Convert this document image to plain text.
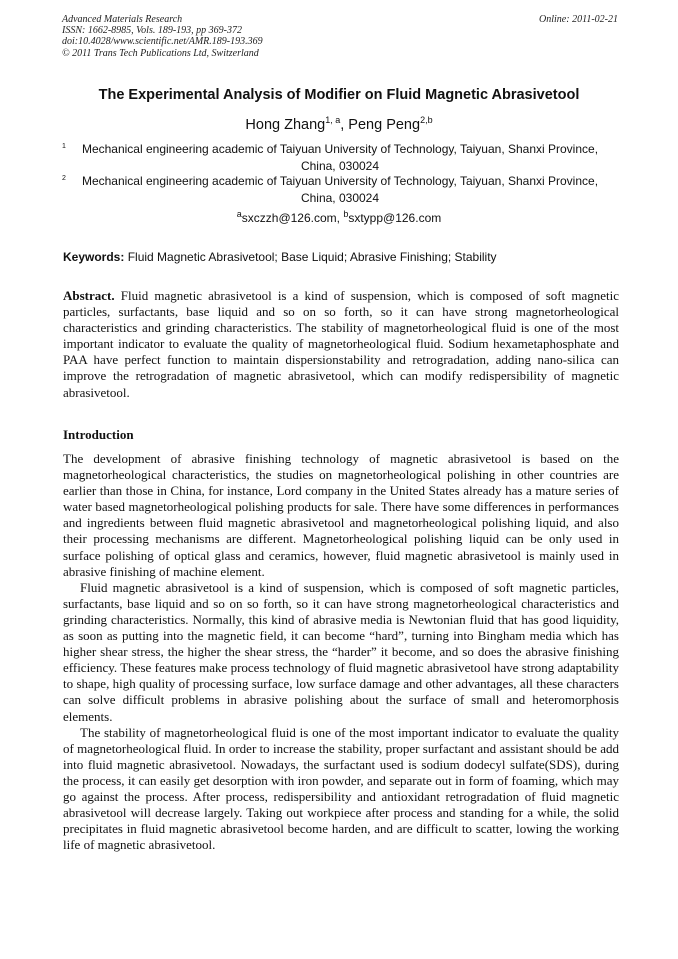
Advanced Materials Research
ISSN: 1662-8985, Vols. 189-193, pp 369-372
doi:10.4028/www.scientific.net/AMR.189-193.369
© 2011 Trans Tech Publications Ltd, Switzerland
Online: 2011-02-21
The Experimental Analysis of Modifier on Fluid Magnetic Abrasivetool
Hong Zhang$^{1, a}$, Peng Peng$^{2,b}$
1	Mechanical engineering academic of Taiyuan University of Technology, Taiyuan, Shanxi Province,
China, 030024
2	Mechanical engineering academic of Taiyuan University of Technology, Taiyuan, Shanxi Province,
China, 030024
$^a$sxczzh@126.com, $^b$sxtypp@126.com
Keywords: Fluid Magnetic Abrasivetool; Base Liquid; Abrasive Finishing; Stability
Abstract. Fluid magnetic abrasivetool is a kind of suspension, which is composed of soft magnetic particles, surfactants, base liquid and so on so forth, so it can have strong magnetorheological characteristics and grinding characteristics. The stability of magnetorheological fluid is one of the most important indicator to evaluate the quality of magnetorheological fluid. Sodium hexametaphosphate and PAA have perfect function to maintain dispersionstability and retrogradation, adding nano-silica can improve the retrogradation of magnetic abrasivetool, which can modify redispersibility of magnetic abrasivetool.
Introduction

The development of abrasive finishing technology of magnetic abrasivetool is based on the magnetorheological characteristics, the studies on magnetorheological polishing in other countries are earlier than those in China, for instance, Lord company in the United States already has a mature series of water based magnetorheological polishing products for sale. There have some differences in performances and ingredients between fluid magnetic abrasivetool and magnetorheological polishing liquid, and also their processing mechanisms are different. Magnetorheological polishing liquid can be only used in surface polishing of optical glass and ceramics, however, fluid magnetic abrasivetool is mainly used in abrasive finishing of machine element.

Fluid magnetic abrasivetool is a kind of suspension, which is composed of soft magnetic particles, surfactants, base liquid and so on so forth, so it can have strong magnetorheological characteristics and grinding characteristics. Normally, this kind of abrasive media is Newtonian fluid that has good liquidity, as soon as putting into the magnetic field, it can become “hard”, turning into Bingham media which has higher shear stress, the higher the shear stress, the “harder” it become, and so does the abrasive finishing efficiency. These features make process technology of fluid magnetic abrasivetool have strong adaptability to shape, high quality of processing surface, low surface damage and other advantages, all these characters can solve difficult problems in abrasive polishing about the surface of small and heteromorphosis elements.

The stability of magnetorheological fluid is one of the most important indicator to evaluate the quality of magnetorheological fluid. In order to increase the stability, proper surfactant and assistant should be add into fluid magnetic abrasivetool. Nowadays, the surfactant used is sodium dodecyl sulfate(SDS), during the process, it can easily get desorption with iron powder, and separate out in form of foaming, which may go against the process. After process, redispersibility and antioxidant retrogradation of fluid magnetic abrasivetool will decrease largely. Taking out workpiece after process and standing for a while, the solid precipitates in fluid magnetic abrasivetool become harden, and are difficult to scatter, lowing the working life of magnetic abrasivetool.
